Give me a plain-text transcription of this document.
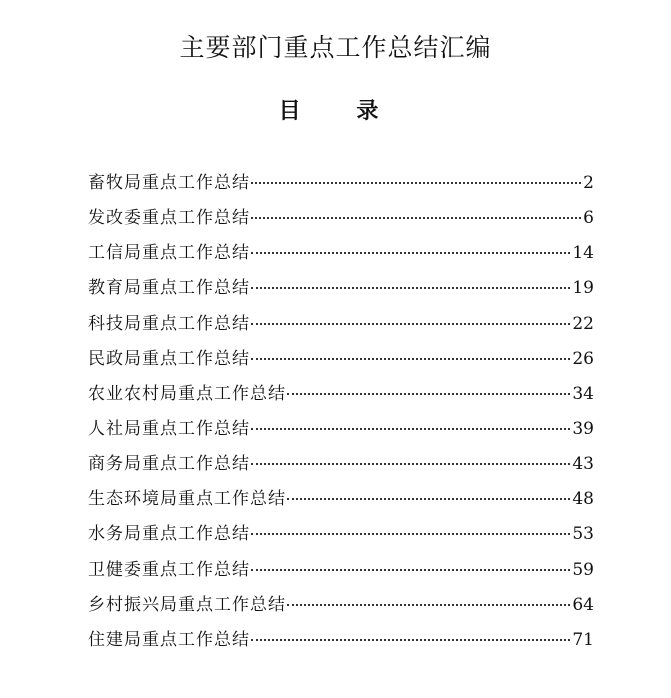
主要部门重点工作总结汇编
目 录
畜牧局重点工作总结	2
发改委重点工作总结	6
工信局重点工作总结	14
教育局重点工作总结	19
科技局重点工作总结	22
民政局重点工作总结	26
农业农村局重点工作总结	34
人社局重点工作总结	39
商务局重点工作总结	43
生态环境局重点工作总结	48
水务局重点工作总结	53
卫健委重点工作总结	59
乡村振兴局重点工作总结	64
住建局重点工作总结	71
